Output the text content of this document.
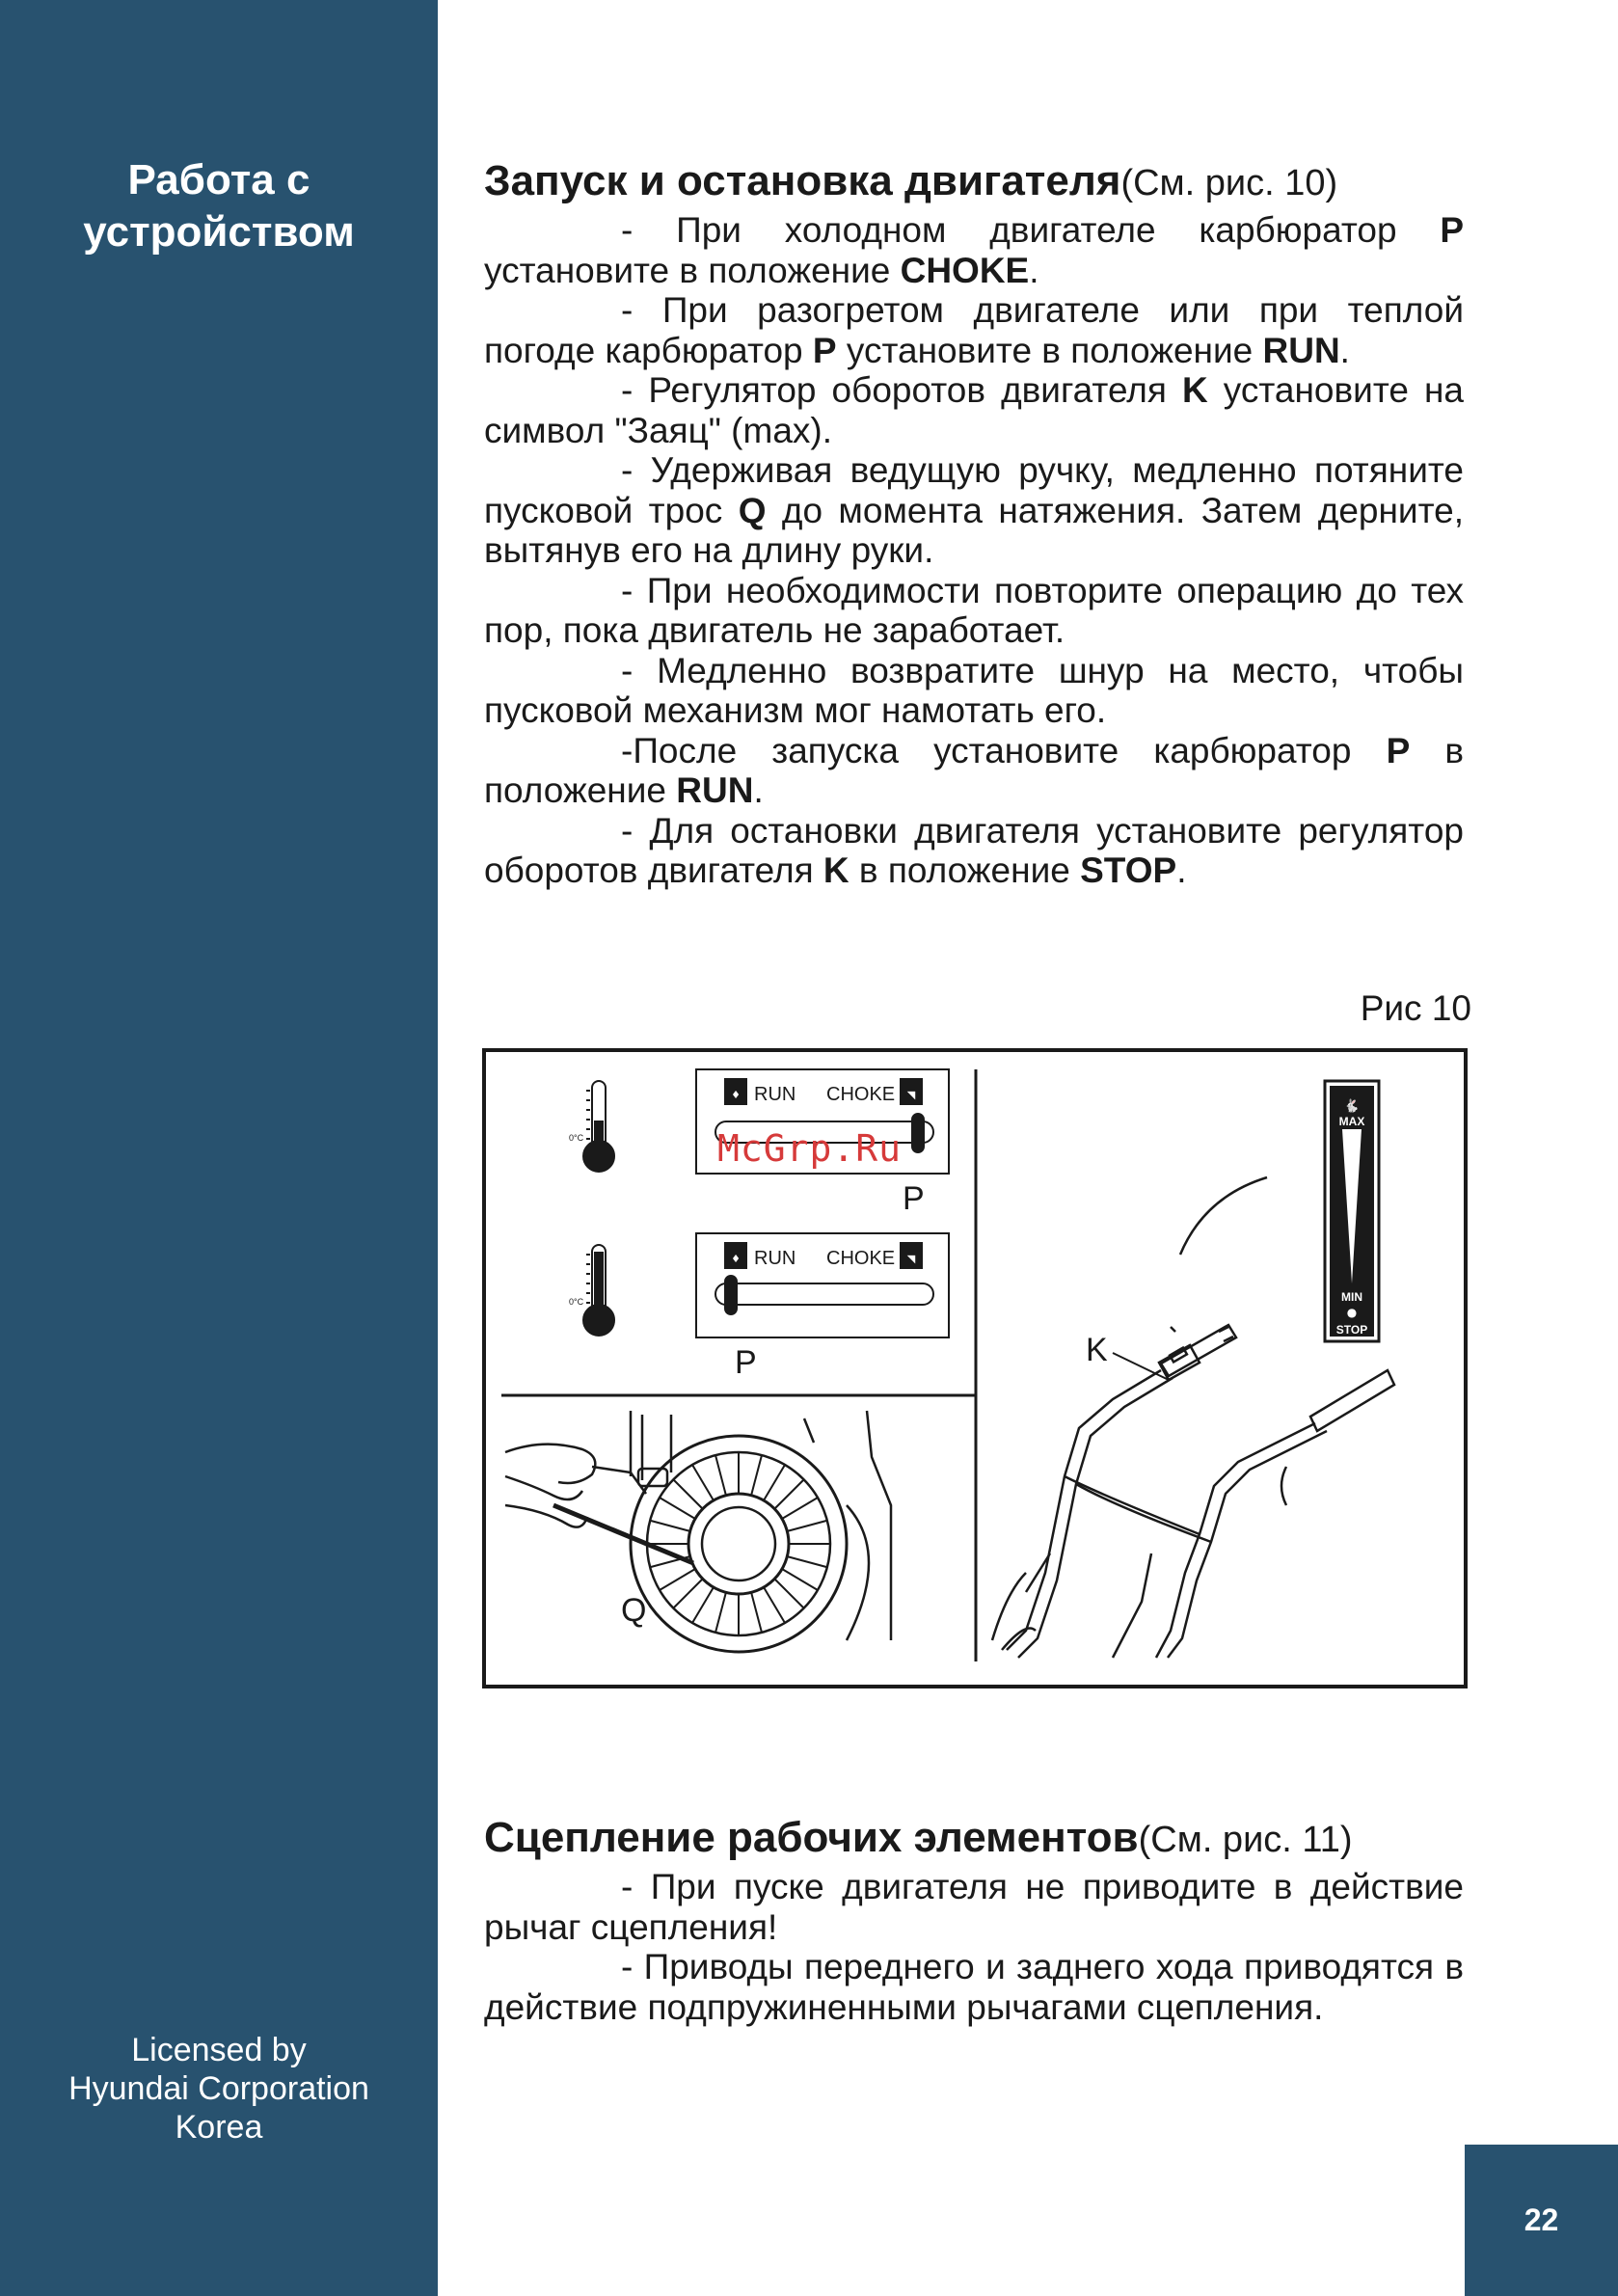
Работа с
устройством
Licensed by
Hyundai Corporation
Korea
22
Запуск и остановка двигателя(См. рис. 10)

- При холодном двигателе карбюратор P установите в положение CHOKE.

- При разогретом двигателе или при теплой погоде карбюратор P установите в положение RUN.

- Регулятор оборотов двигателя K установите на символ "Заяц" (max).

- Удерживая ведущую ручку, медленно потяните пусковой трос Q до момента натяжения. Затем дерните, вытянув его на длину руки.

- При необходимости повторите операцию до тех пор, пока двигатель не заработает.

- Медленно возвратите шнур на место, чтобы пусковой механизм мог намотать его.

-После запуска установите карбюратор P в положение RUN.

- Для остановки двигателя установите регулятор оборотов двигателя K в положение STOP.

Рис 10
0°C
♦	◥
RUN CHOKE
P
0°C
♦	◥
RUN CHOKE
P
Q
K
🐇
MAX
MIN
●
STOP
McGrp.Ru
Сцепление рабочих элементов(См. рис. 11)

- При пуске двигателя не приводите в действие рычаг сцепления!

- Приводы переднего и заднего хода приводятся в действие подпружиненными рычагами сцепления.
